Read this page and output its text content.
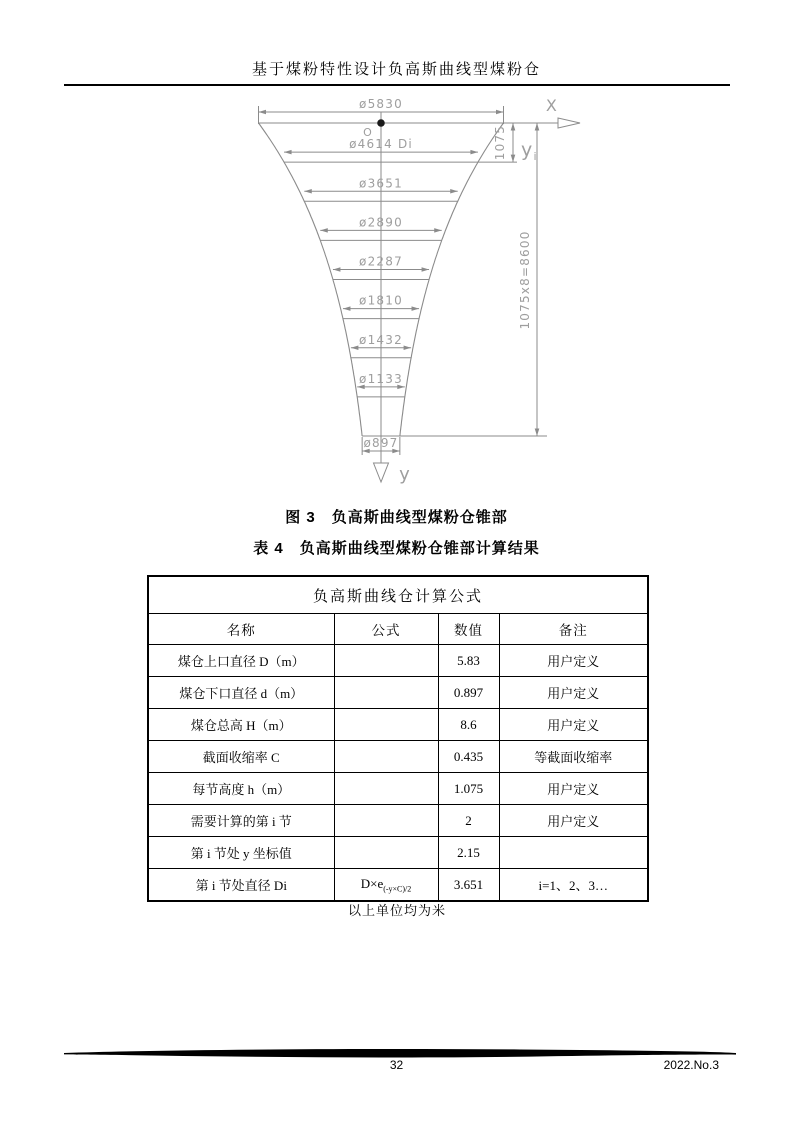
基于煤粉特性设计负高斯曲线型煤粉仓
O
X
y
ø5830
ø4614 Di
ø3651
ø2890
ø2287
ø1810
ø1432
ø1133
ø897
1075 $y_i$
1075x8=8600
图 3　负高斯曲线型煤粉仓锥部
表 4　负高斯曲线型煤粉仓锥部计算结果
负高斯曲线仓计算公式			
名称	公式	数值	备注
煤仓上口直径 D（m）		5.83	用户定义
煤仓下口直径 d（m）		0.897	用户定义
煤仓总高 H（m）		8.6	用户定义
截面收缩率 C		0.435	等截面收缩率
每节高度 h（m）		1.075	用户定义
需要计算的第 i 节		2	用户定义
第 i 节处 y 坐标值		2.15	
第 i 节处直径 Di	$D\times e_{(-y\times C)/2}$	3.651	i=1、2、3…
以上单位均为米
32	2022.No.3
